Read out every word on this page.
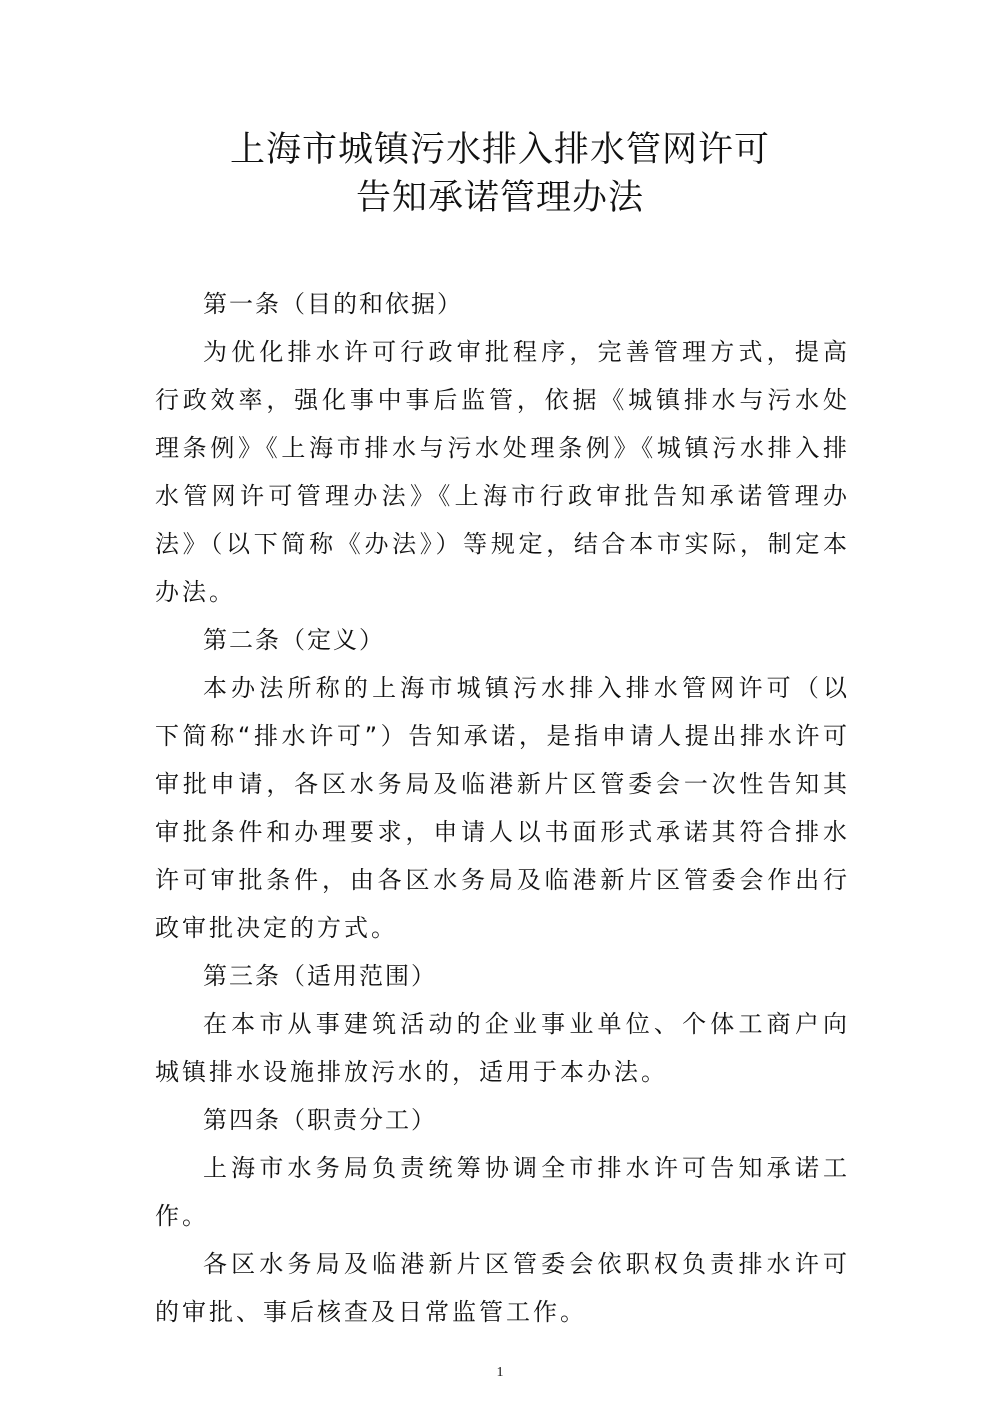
上海市城镇污水排入排水管网许可
告知承诺管理办法

第一条（目的和依据）

为优化排水许可行政审批程序，完善管理方式，提高行政效率，强化事中事后监管，依据《城镇排水与污水处理条例》《上海市排水与污水处理条例》《城镇污水排入排水管网许可管理办法》《上海市行政审批告知承诺管理办法》（以下简称《办法》）等规定，结合本市实际，制定本办法。

第二条（定义）

本办法所称的上海市城镇污水排入排水管网许可（以下简称“排水许可”）告知承诺，是指申请人提出排水许可审批申请，各区水务局及临港新片区管委会一次性告知其审批条件和办理要求，申请人以书面形式承诺其符合排水许可审批条件，由各区水务局及临港新片区管委会作出行政审批决定的方式。

第三条（适用范围）

在本市从事建筑活动的企业事业单位、个体工商户向城镇排水设施排放污水的，适用于本办法。

第四条（职责分工）

上海市水务局负责统筹协调全市排水许可告知承诺工作。

各区水务局及临港新片区管委会依职权负责排水许可的审批、事后核查及日常监管工作。

1
